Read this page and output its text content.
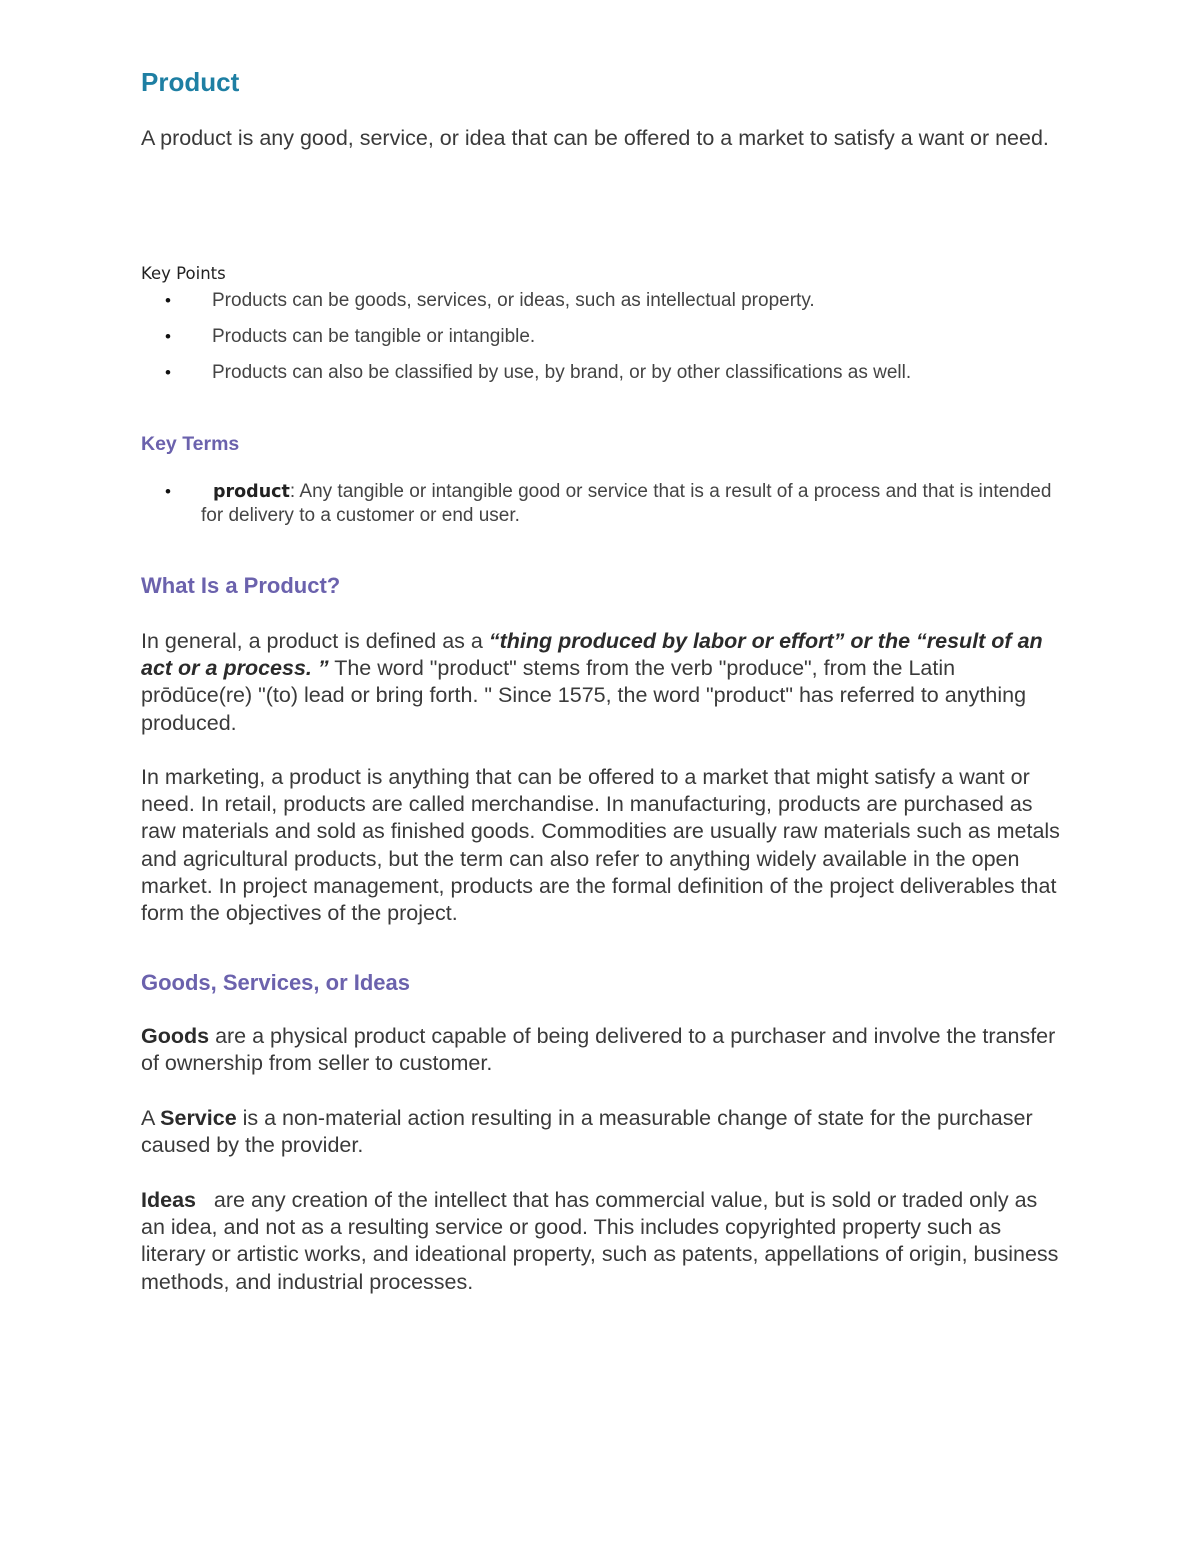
Product

A product is any good, service, or idea that can be offered to a market to satisfy a want or need.

Key Points

• Products can be goods, services, or ideas, such as intellectual property.
• Products can be tangible or intangible.
• Products can also be classified by use, by brand, or by other classifications as well.
Key Terms
• product: Any tangible or intangible good or service that is a result of a process and that is intended for delivery to a customer or end user.
What Is a Product?

In general, a product is defined as a “thing produced by labor or effort” or the “result of an act or a process. ” The word "product" stems from the verb "produce", from the Latin prōdūce(re) "(to) lead or bring forth. " Since 1575, the word "product" has referred to anything produced.

In marketing, a product is anything that can be offered to a market that might satisfy a want or need. In retail, products are called merchandise. In manufacturing, products are purchased as raw materials and sold as finished goods. Commodities are usually raw materials such as metals and agricultural products, but the term can also refer to anything widely available in the open market. In project management, products are the formal definition of the project deliverables that form the objectives of the project.

Goods, Services, or Ideas

Goods are a physical product capable of being delivered to a purchaser and involve the transfer of ownership from seller to customer.

A Service is a non-material action resulting in a measurable change of state for the purchaser caused by the provider.

Ideas   are any creation of the intellect that has commercial value, but is sold or traded only as an idea, and not as a resulting service or good. This includes copyrighted property such as literary or artistic works, and ideational property, such as patents, appellations of origin, business methods, and industrial processes.
